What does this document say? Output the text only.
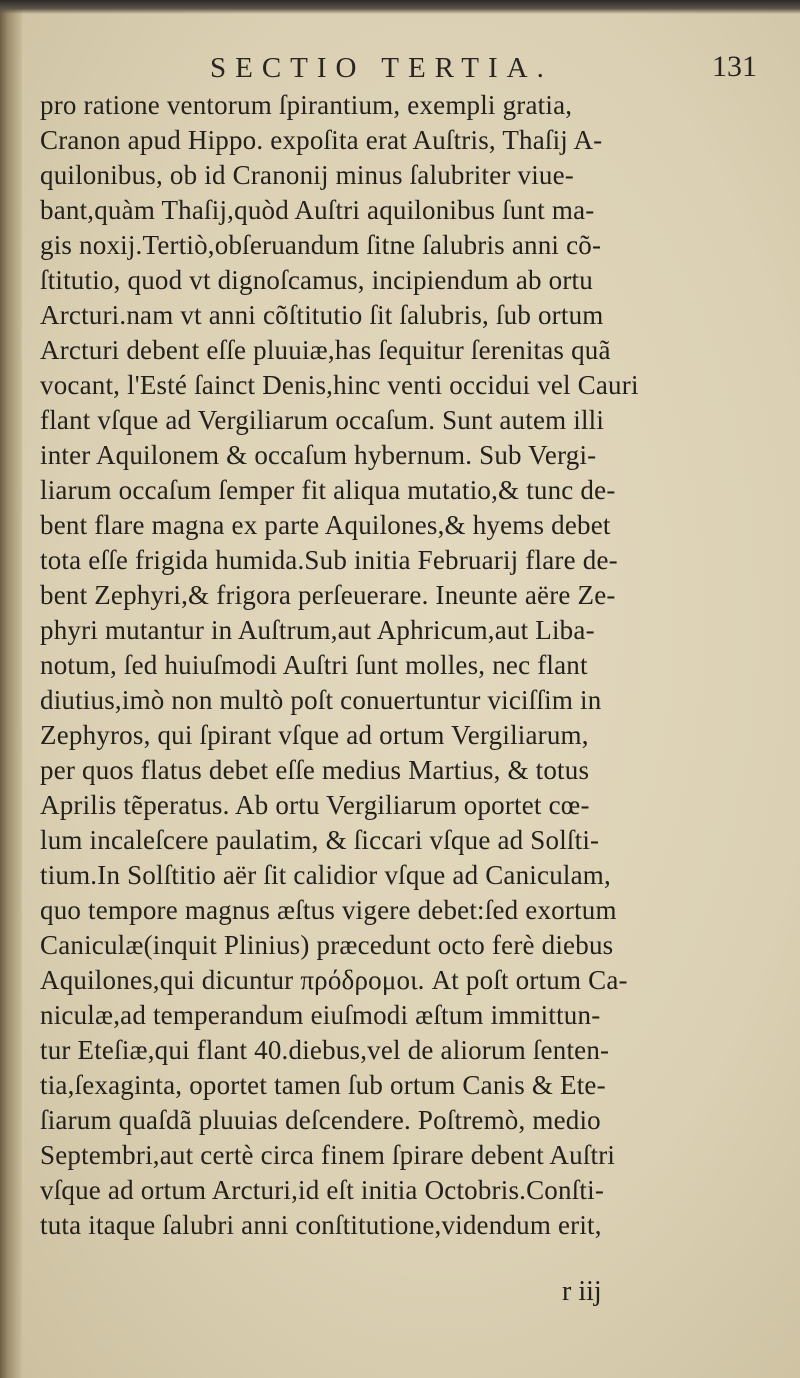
SECTIO TERTIA.	131
pro ratione ventorum ſpirantium, exempli gratia,
Cranon apud Hippo. expoſita erat Auſtris, Thaſij A-
quilonibus, ob id Cranonij minus ſalubriter viue-
bant,quàm Thaſij,quòd Auſtri aquilonibus ſunt ma-
gis noxij.Tertiò,obſeruandum ſitne ſalubris anni cõ-
ſtitutio, quod vt dignoſcamus, incipiendum ab ortu
Arcturi.nam vt anni cõſtitutio ſit ſalubris, ſub ortum
Arcturi debent eſſe pluuiæ,has ſequitur ſerenitas quã
vocant, l'Esté ſainct Denis,hinc venti occidui vel Cauri
flant vſque ad Vergiliarum occaſum. Sunt autem illi
inter Aquilonem & occaſum hybernum. Sub Vergi-
liarum occaſum ſemper fit aliqua mutatio,& tunc de-
bent flare magna ex parte Aquilones,& hyems debet
tota eſſe frigida humida.Sub initia Februarij flare de-
bent Zephyri,& frigora perſeuerare. Ineunte aëre Ze-
phyri mutantur in Auſtrum,aut Aphricum,aut Liba-
notum, ſed huiuſmodi Auſtri ſunt molles, nec flant
diutius,imò non multò poſt conuertuntur viciſſim in
Zephyros, qui ſpirant vſque ad ortum Vergiliarum,
per quos flatus debet eſſe medius Martius, & totus
Aprilis tẽperatus. Ab ortu Vergiliarum oportet cœ-
lum incaleſcere paulatim, & ſiccari vſque ad Solſti-
tium.In Solſtitio aër ſit calidior vſque ad Caniculam,
quo tempore magnus æſtus vigere debet:ſed exortum
Caniculæ(inquit Plinius) præcedunt octo ferè diebus
Aquilones,qui dicuntur πρόδρομοι. At poſt ortum Ca-
niculæ,ad temperandum eiuſmodi æſtum immittun-
tur Eteſiæ,qui flant 40.diebus,vel de aliorum ſenten-
tia,ſexaginta, oportet tamen ſub ortum Canis & Ete-
ſiarum quaſdã pluuias deſcendere. Poſtremò, medio
Septembri,aut certè circa finem ſpirare debent Auſtri
vſque ad ortum Arcturi,id eſt initia Octobris.Conſti-
tuta itaque ſalubri anni conſtitutione,videndum erit,
r iij
